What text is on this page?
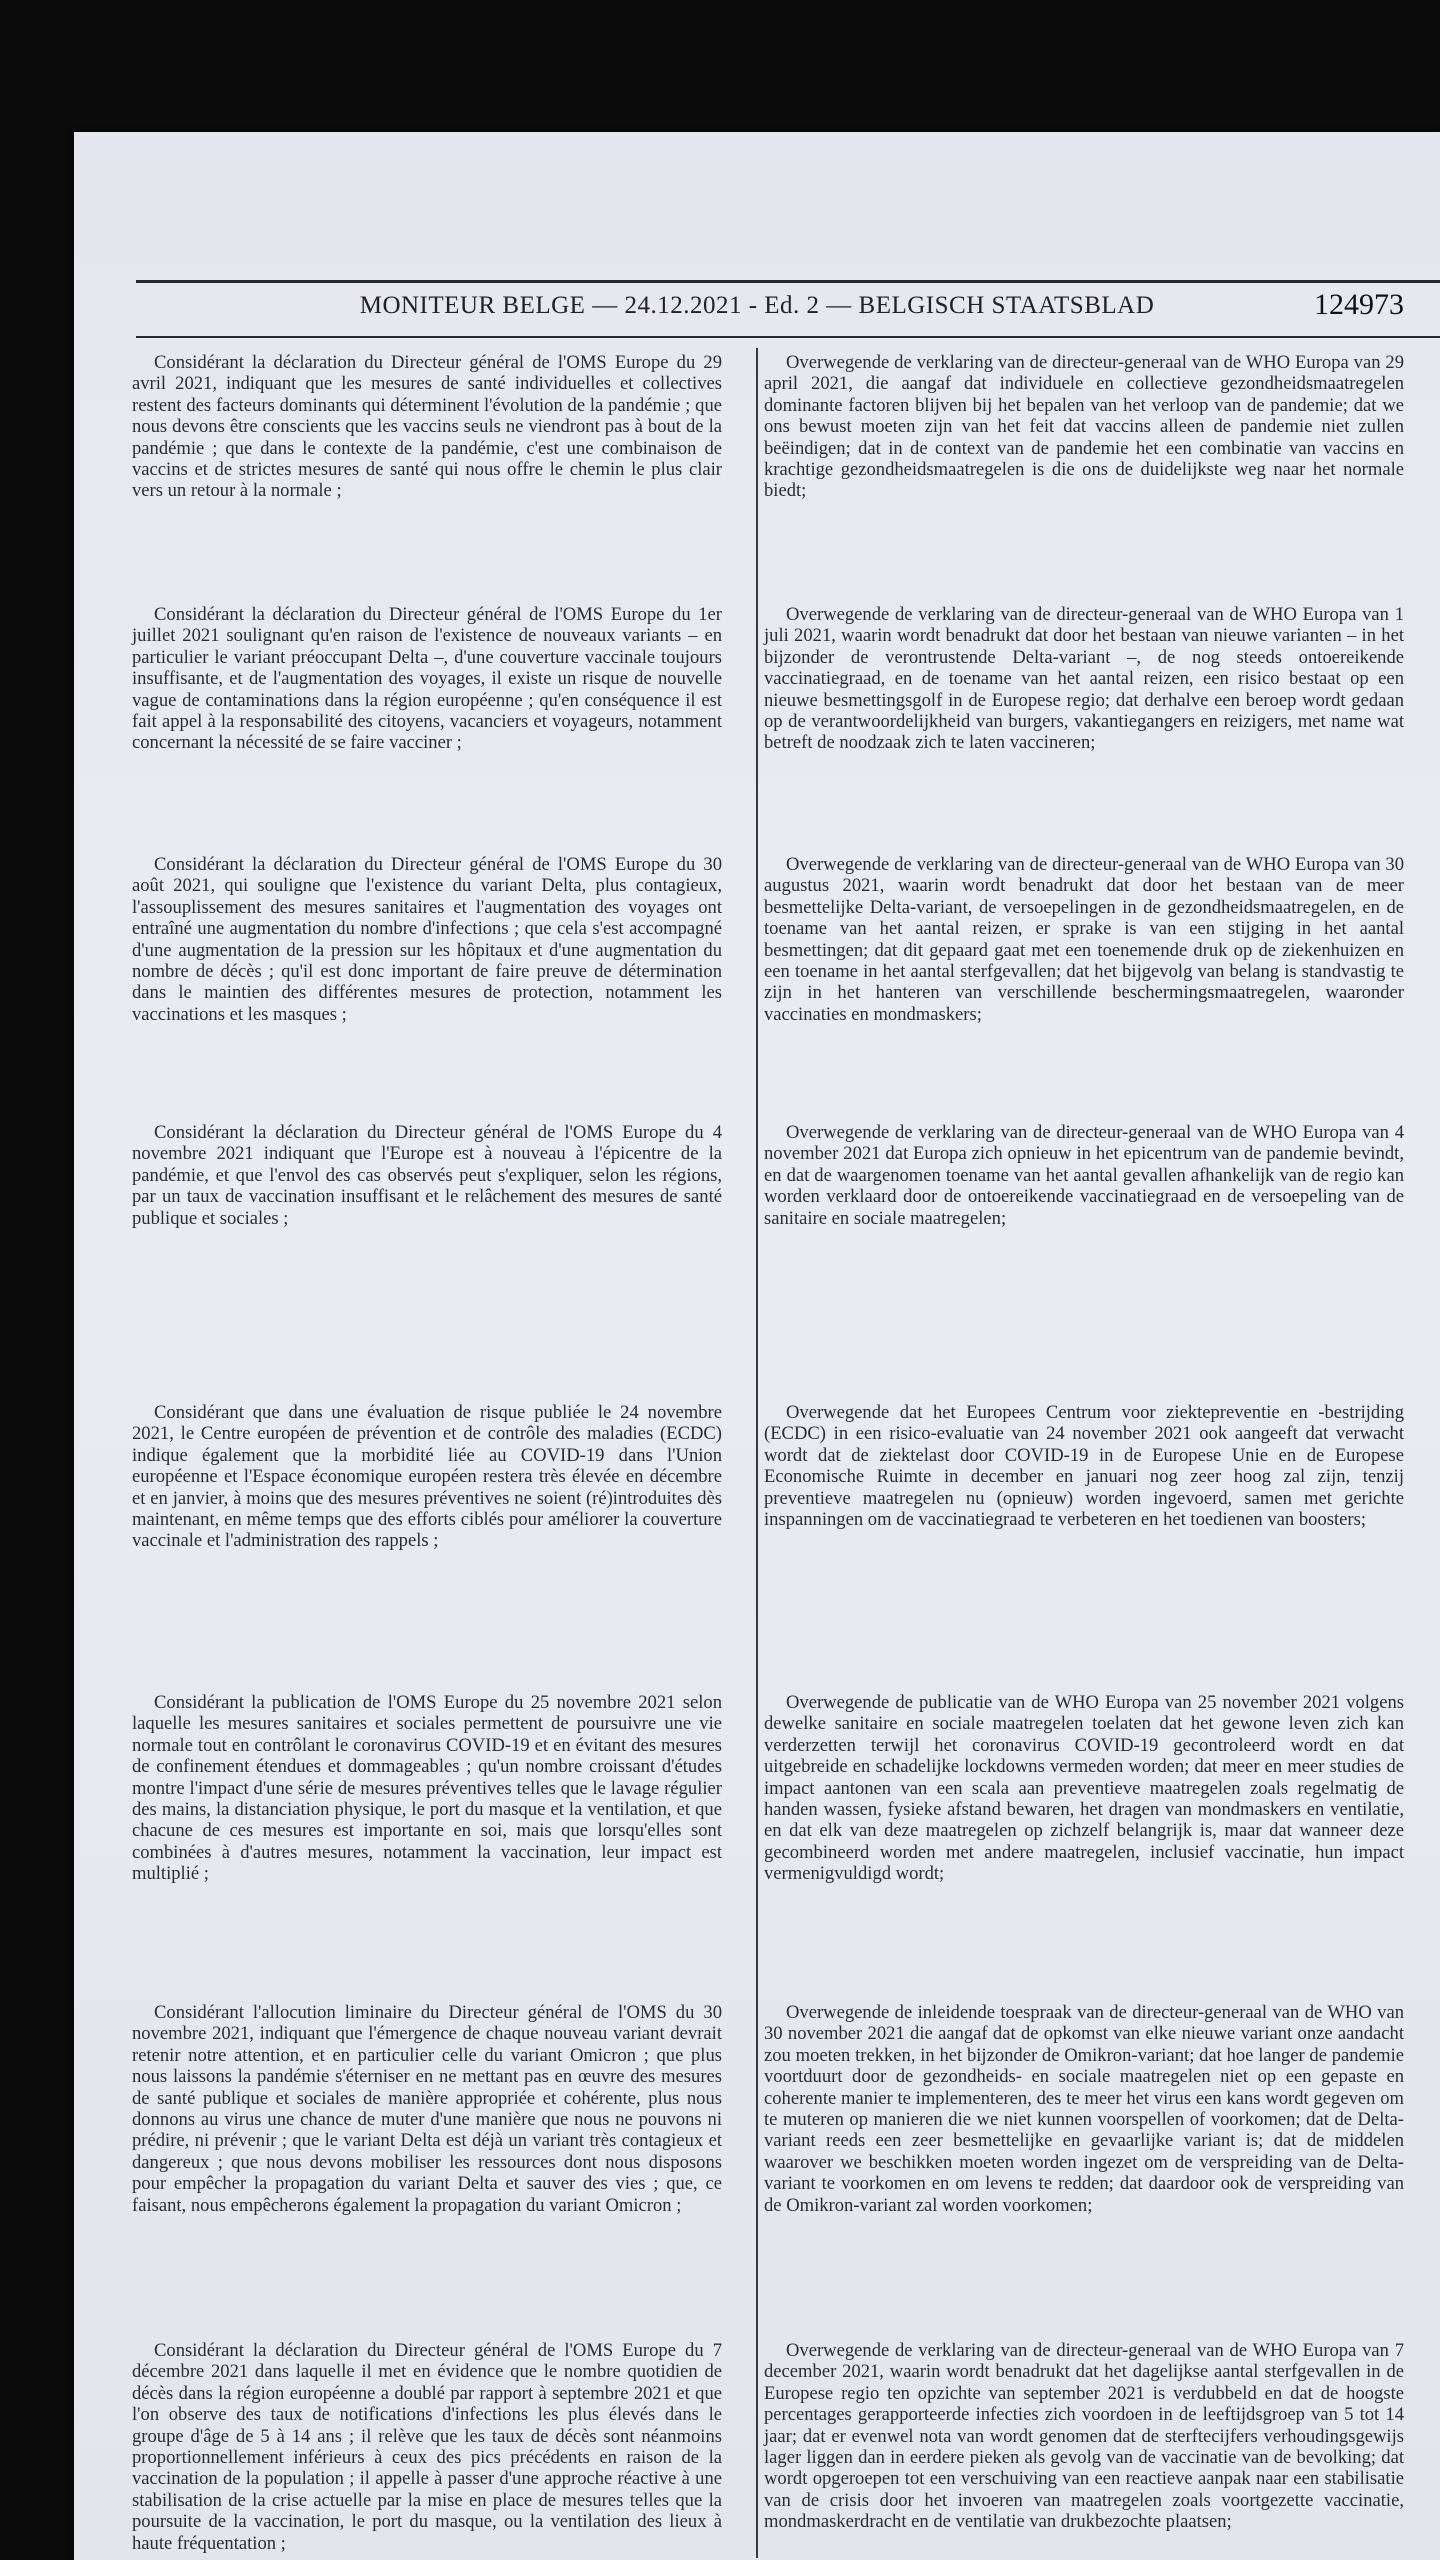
MONITEUR BELGE — 24.12.2021 - Ed. 2 — BELGISCH STAATSBLAD	124973

Considérant la déclaration du Directeur général de l'OMS Europe du 29 avril 2021, indiquant que les mesures de santé individuelles et collectives restent des facteurs dominants qui déterminent l'évolution de la pandémie ; que nous devons être conscients que les vaccins seuls ne viendront pas à bout de la pandémie ; que dans le contexte de la pandémie, c'est une combinaison de vaccins et de strictes mesures de santé qui nous offre le chemin le plus clair vers un retour à la normale ;

Considérant la déclaration du Directeur général de l'OMS Europe du 1er juillet 2021 soulignant qu'en raison de l'existence de nouveaux variants – en particulier le variant préoccupant Delta –, d'une couverture vaccinale toujours insuffisante, et de l'augmentation des voyages, il existe un risque de nouvelle vague de contaminations dans la région européenne ; qu'en conséquence il est fait appel à la responsabilité des citoyens, vacanciers et voyageurs, notamment concernant la nécessité de se faire vacciner ;

Considérant la déclaration du Directeur général de l'OMS Europe du 30 août 2021, qui souligne que l'existence du variant Delta, plus contagieux, l'assouplissement des mesures sanitaires et l'augmentation des voyages ont entraîné une augmentation du nombre d'infections ; que cela s'est accompagné d'une augmentation de la pression sur les hôpitaux et d'une augmentation du nombre de décès ; qu'il est donc important de faire preuve de détermination dans le maintien des différentes mesures de protection, notamment les vaccinations et les masques ;

Considérant la déclaration du Directeur général de l'OMS Europe du 4 novembre 2021 indiquant que l'Europe est à nouveau à l'épicentre de la pandémie, et que l'envol des cas observés peut s'expliquer, selon les régions, par un taux de vaccination insuffisant et le relâchement des mesures de santé publique et sociales ;

Considérant que dans une évaluation de risque publiée le 24 novembre 2021, le Centre européen de prévention et de contrôle des maladies (ECDC) indique également que la morbidité liée au COVID-19 dans l'Union européenne et l'Espace économique européen restera très élevée en décembre et en janvier, à moins que des mesures préventives ne soient (ré)introduites dès maintenant, en même temps que des efforts ciblés pour améliorer la couverture vaccinale et l'administration des rappels ;

Considérant la publication de l'OMS Europe du 25 novembre 2021 selon laquelle les mesures sanitaires et sociales permettent de poursuivre une vie normale tout en contrôlant le coronavirus COVID-19 et en évitant des mesures de confinement étendues et dommageables ; qu'un nombre croissant d'études montre l'impact d'une série de mesures préventives telles que le lavage régulier des mains, la distanciation physique, le port du masque et la ventilation, et que chacune de ces mesures est importante en soi, mais que lorsqu'elles sont combinées à d'autres mesures, notamment la vaccination, leur impact est multiplié ;

Considérant l'allocution liminaire du Directeur général de l'OMS du 30 novembre 2021, indiquant que l'émergence de chaque nouveau variant devrait retenir notre attention, et en particulier celle du variant Omicron ; que plus nous laissons la pandémie s'éterniser en ne mettant pas en œuvre des mesures de santé publique et sociales de manière appropriée et cohérente, plus nous donnons au virus une chance de muter d'une manière que nous ne pouvons ni prédire, ni prévenir ; que le variant Delta est déjà un variant très contagieux et dangereux ; que nous devons mobiliser les ressources dont nous disposons pour empêcher la propagation du variant Delta et sauver des vies ; que, ce faisant, nous empêcherons également la propagation du variant Omicron ;

Considérant la déclaration du Directeur général de l'OMS Europe du 7 décembre 2021 dans laquelle il met en évidence que le nombre quotidien de décès dans la région européenne a doublé par rapport à septembre 2021 et que l'on observe des taux de notifications d'infections les plus élevés dans le groupe d'âge de 5 à 14 ans ; il relève que les taux de décès sont néanmoins proportionnellement inférieurs à ceux des pics précédents en raison de la vaccination de la population ; il appelle à passer d'une approche réactive à une stabilisation de la crise actuelle par la mise en place de mesures telles que la poursuite de la vaccination, le port du masque, ou la ventilation des lieux à haute fréquentation ;

Overwegende de verklaring van de directeur-generaal van de WHO Europa van 29 april 2021, die aangaf dat individuele en collectieve gezondheidsmaatregelen dominante factoren blijven bij het bepalen van het verloop van de pandemie; dat we ons bewust moeten zijn van het feit dat vaccins alleen de pandemie niet zullen beëindigen; dat in de context van de pandemie het een combinatie van vaccins en krachtige gezondheidsmaatregelen is die ons de duidelijkste weg naar het normale biedt;

Overwegende de verklaring van de directeur-generaal van de WHO Europa van 1 juli 2021, waarin wordt benadrukt dat door het bestaan van nieuwe varianten – in het bijzonder de verontrustende Delta-variant –, de nog steeds ontoereikende vaccinatiegraad, en de toename van het aantal reizen, een risico bestaat op een nieuwe besmettingsgolf in de Europese regio; dat derhalve een beroep wordt gedaan op de verantwoordelijkheid van burgers, vakantiegangers en reizigers, met name wat betreft de noodzaak zich te laten vaccineren;

Overwegende de verklaring van de directeur-generaal van de WHO Europa van 30 augustus 2021, waarin wordt benadrukt dat door het bestaan van de meer besmettelijke Delta-variant, de versoepelingen in de gezondheidsmaatregelen, en de toename van het aantal reizen, er sprake is van een stijging in het aantal besmettingen; dat dit gepaard gaat met een toenemende druk op de ziekenhuizen en een toename in het aantal sterfgevallen; dat het bijgevolg van belang is standvastig te zijn in het hanteren van verschillende beschermingsmaatregelen, waaronder vaccinaties en mondmaskers;

Overwegende de verklaring van de directeur-generaal van de WHO Europa van 4 november 2021 dat Europa zich opnieuw in het epicentrum van de pandemie bevindt, en dat de waargenomen toename van het aantal gevallen afhankelijk van de regio kan worden verklaard door de ontoereikende vaccinatiegraad en de versoepeling van de sanitaire en sociale maatregelen;

Overwegende dat het Europees Centrum voor ziektepreventie en -bestrijding (ECDC) in een risico-evaluatie van 24 november 2021 ook aangeeft dat verwacht wordt dat de ziektelast door COVID-19 in de Europese Unie en de Europese Economische Ruimte in december en januari nog zeer hoog zal zijn, tenzij preventieve maatregelen nu (opnieuw) worden ingevoerd, samen met gerichte inspanningen om de vaccinatiegraad te verbeteren en het toedienen van boosters;

Overwegende de publicatie van de WHO Europa van 25 november 2021 volgens dewelke sanitaire en sociale maatregelen toelaten dat het gewone leven zich kan verderzetten terwijl het coronavirus COVID-19 gecontroleerd wordt en dat uitgebreide en schadelijke lockdowns vermeden worden; dat meer en meer studies de impact aantonen van een scala aan preventieve maatregelen zoals regelmatig de handen wassen, fysieke afstand bewaren, het dragen van mondmaskers en ventilatie, en dat elk van deze maatregelen op zichzelf belangrijk is, maar dat wanneer deze gecombineerd worden met andere maatregelen, inclusief vaccinatie, hun impact vermenigvuldigd wordt;

Overwegende de inleidende toespraak van de directeur-generaal van de WHO van 30 november 2021 die aangaf dat de opkomst van elke nieuwe variant onze aandacht zou moeten trekken, in het bijzonder de Omikron-variant; dat hoe langer de pandemie voortduurt door de gezondheids- en sociale maatregelen niet op een gepaste en coherente manier te implementeren, des te meer het virus een kans wordt gegeven om te muteren op manieren die we niet kunnen voorspellen of voorkomen; dat de Delta-variant reeds een zeer besmettelijke en gevaarlijke variant is; dat de middelen waarover we beschikken moeten worden ingezet om de verspreiding van de Delta-variant te voorkomen en om levens te redden; dat daardoor ook de verspreiding van de Omikron-variant zal worden voorkomen;

Overwegende de verklaring van de directeur-generaal van de WHO Europa van 7 december 2021, waarin wordt benadrukt dat het dagelijkse aantal sterfgevallen in de Europese regio ten opzichte van september 2021 is verdubbeld en dat de hoogste percentages gerapporteerde infecties zich voordoen in de leeftijdsgroep van 5 tot 14 jaar; dat er evenwel nota van wordt genomen dat de sterftecijfers verhoudingsgewijs lager liggen dan in eerdere pieken als gevolg van de vaccinatie van de bevolking; dat wordt opgeroepen tot een verschuiving van een reactieve aanpak naar een stabilisatie van de crisis door het invoeren van maatregelen zoals voortgezette vaccinatie, mondmaskerdracht en de ventilatie van drukbezochte plaatsen;
